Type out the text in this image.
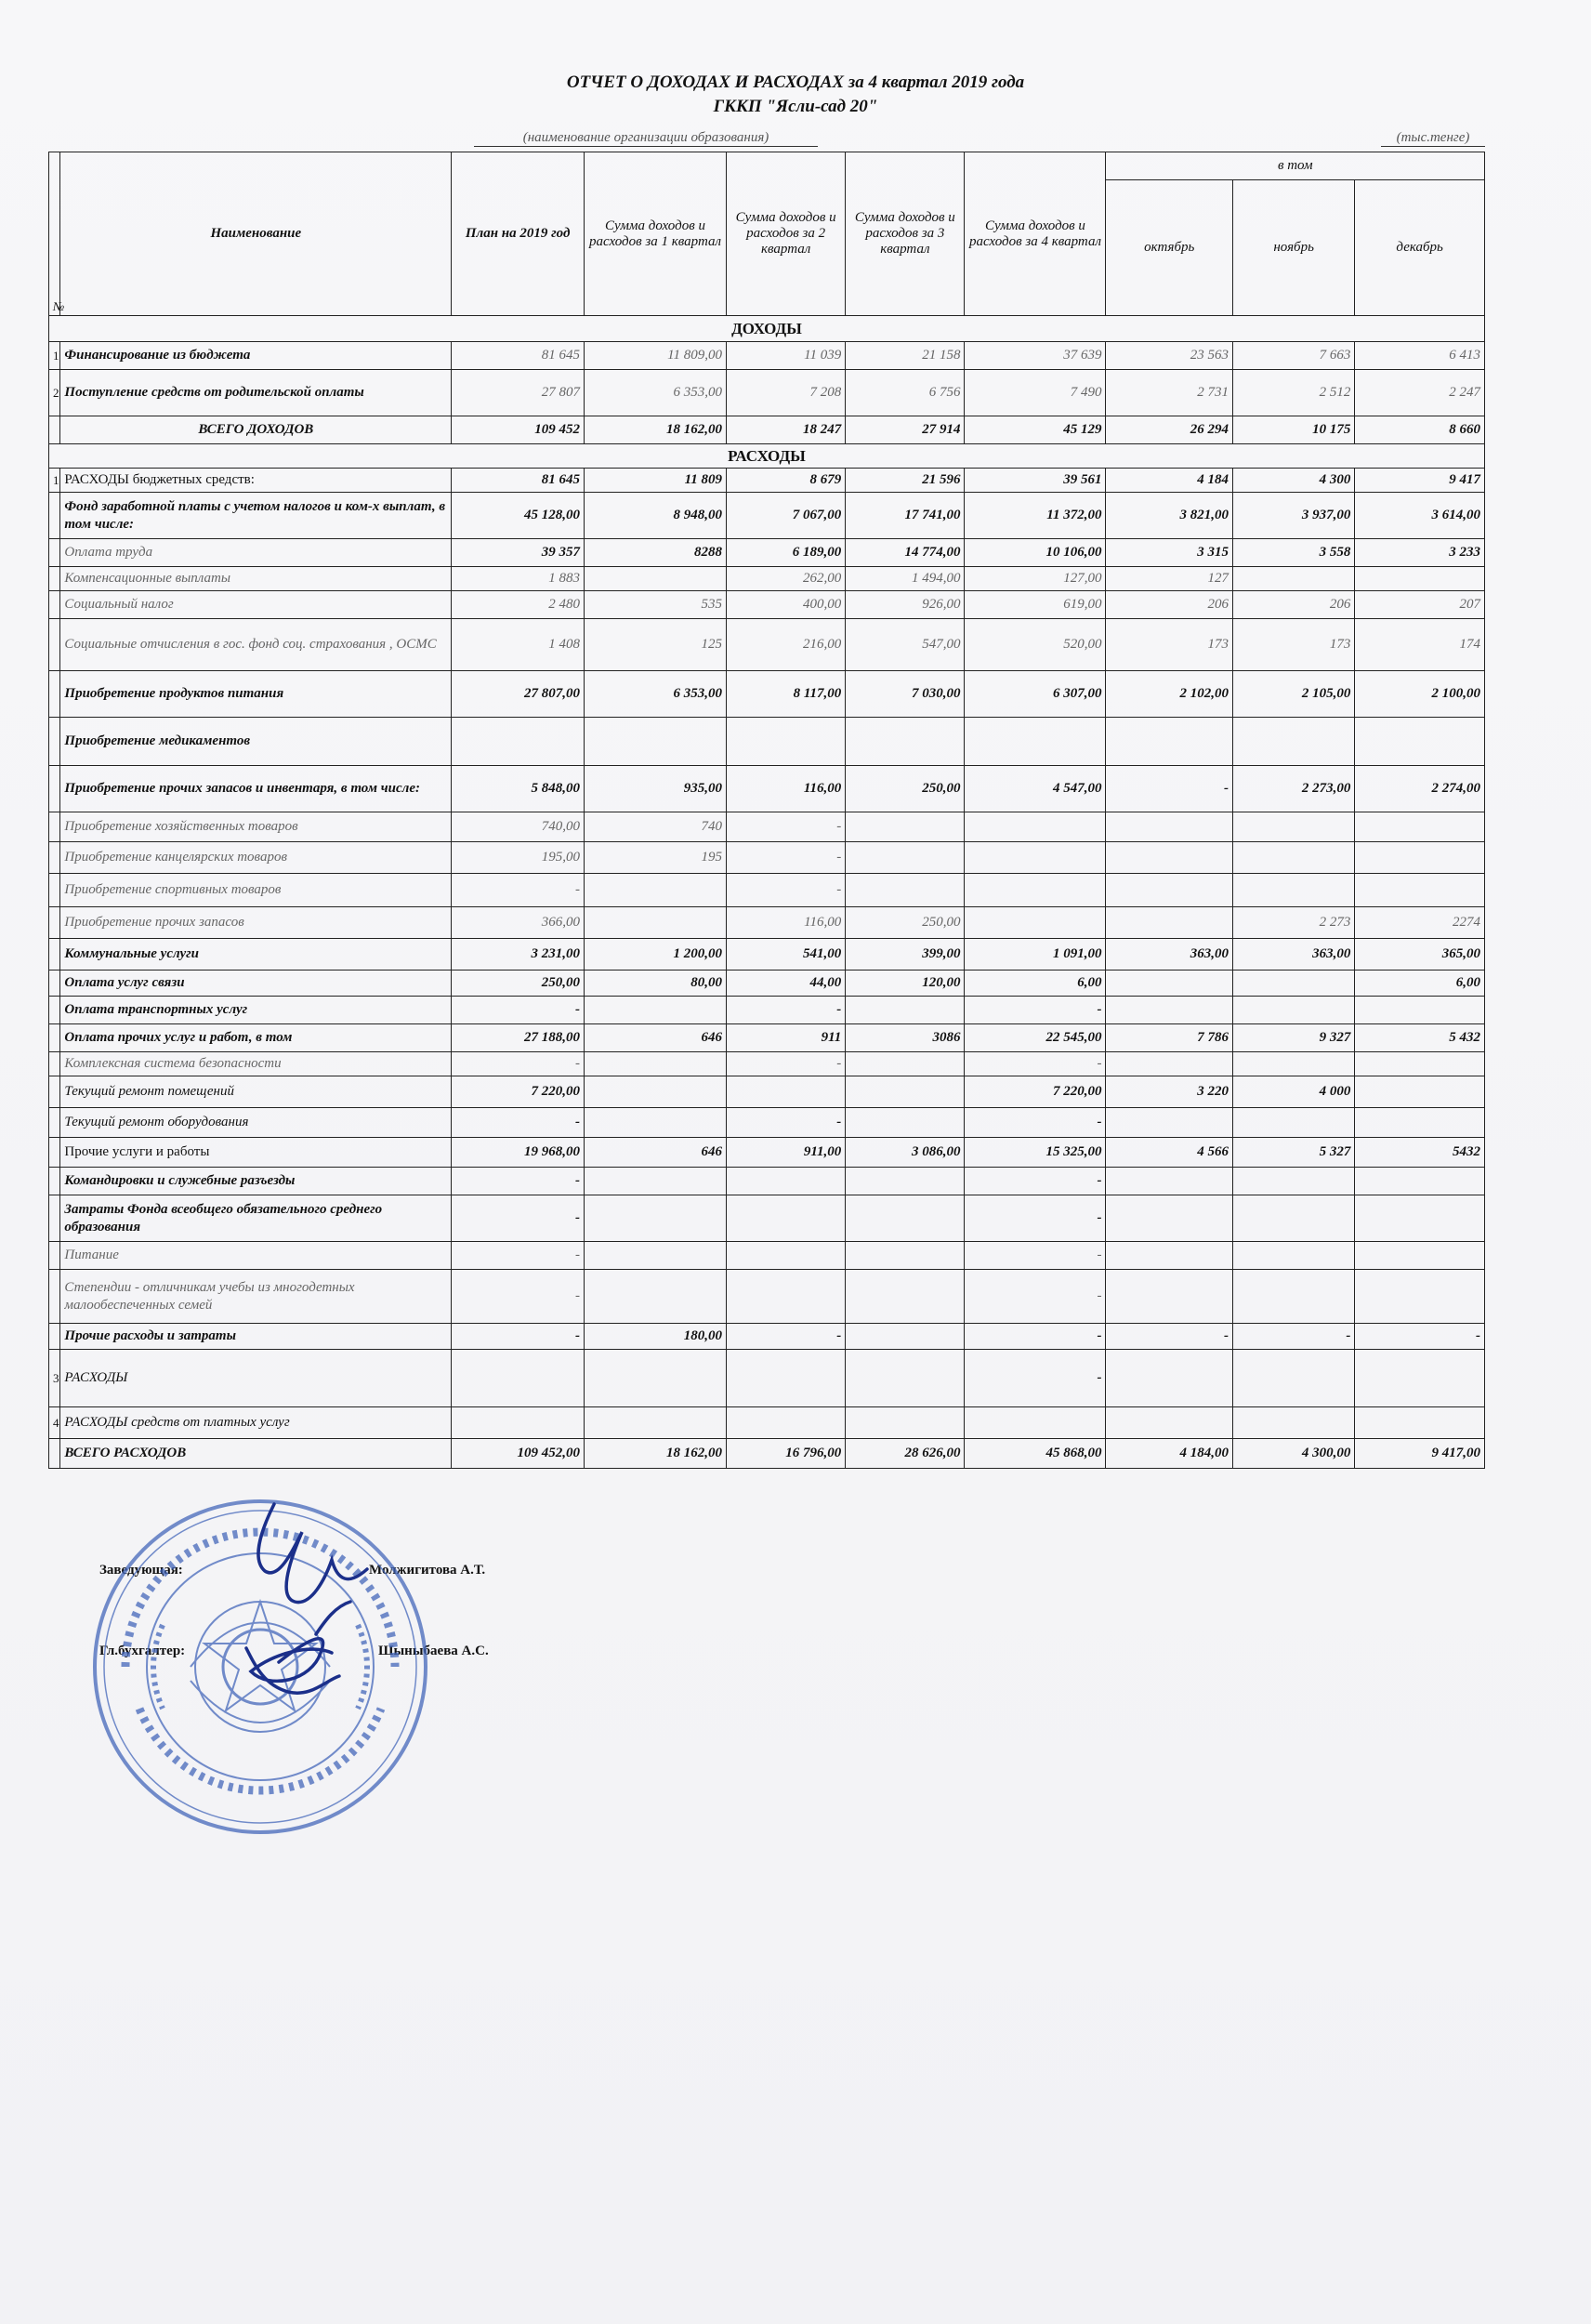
ОТЧЕТ О ДОХОДАХ И РАСХОДАХ за 4 квартал 2019 года
ГККП "Ясли-сад 20"
(наименование организации образования)	(тыс.тенге)
№	Наименование	План на 2019 год	Сумма доходов и расходов за 1 квартал	Сумма доходов и расходов за 2 квартал	Сумма доходов и расходов за 3 квартал	Сумма доходов и расходов за 4 квартал	в том		
							октябрь	ноябрь	декабрь
ДОХОДЫ									
1	Финансирование из бюджета	81 645	11 809,00	11 039	21 158	37 639	23 563	7 663	6 413
2	Поступление средств от родительской оплаты	27 807	6 353,00	7 208	6 756	7 490	2 731	2 512	2 247
	ВСЕГО ДОХОДОВ	109 452	18 162,00	18 247	27 914	45 129	26 294	10 175	8 660
РАСХОДЫ									
1	РАСХОДЫ бюджетных средств:	81 645	11 809	8 679	21 596	39 561	4 184	4 300	9 417
	Фонд заработной платы с учетом налогов и ком-х выплат, в том числе:	45 128,00	8 948,00	7 067,00	17 741,00	11 372,00	3 821,00	3 937,00	3 614,00
	Оплата труда	39 357	8288	6 189,00	14 774,00	10 106,00	3 315	3 558	3 233
	Компенсационные выплаты	1 883		262,00	1 494,00	127,00	127		
	Социальный налог	2 480	535	400,00	926,00	619,00	206	206	207
	Социальные отчисления в гос. фонд соц. страхования , ОСМС	1 408	125	216,00	547,00	520,00	173	173	174
	Приобретение продуктов питания	27 807,00	6 353,00	8 117,00	7 030,00	6 307,00	2 102,00	2 105,00	2 100,00
	Приобретение медикаментов								
	Приобретение прочих запасов и инвентаря, в том числе:	5 848,00	935,00	116,00	250,00	4 547,00	-	2 273,00	2 274,00
	Приобретение хозяйственных товаров	740,00	740	-					
	Приобретение канцелярских товаров	195,00	195	-					
	Приобретение спортивных товаров	-		-					
	Приобретение прочих запасов	366,00		116,00	250,00			2 273	2274
	Коммунальные услуги	3 231,00	1 200,00	541,00	399,00	1 091,00	363,00	363,00	365,00
	Оплата услуг связи	250,00	80,00	44,00	120,00	6,00			6,00
	Оплата транспортных услуг	-		-		-			
	Оплата прочих услуг и работ, в том	27 188,00	646	911	3086	22 545,00	7 786	9 327	5 432
	Комплексная система безопасности	-		-		-			
	Текущий ремонт помещений	7 220,00				7 220,00	3 220	4 000	
	Текущий ремонт оборудования	-		-		-			
	Прочие услуги и работы	19 968,00	646	911,00	3 086,00	15 325,00	4 566	5 327	5432
	Командировки и служебные разъезды	-				-			
	Затраты Фонда всеобщего обязательного среднего образования	-				-			
	Питание	-				-			
	Степендии - отличникам учебы из многодетных малообеспеченных семей	-				-			
	Прочие расходы и затраты	-	180,00	-		-	-	-	-
3	РАСХОДЫ					-			
4	РАСХОДЫ средств от платных услуг								
	ВСЕГО РАСХОДОВ	109 452,00	18 162,00	16 796,00	28 626,00	45 868,00	4 184,00	4 300,00	9 417,00
Заведующая:	Молжигитова А.Т.
Гл.бухгалтер:	Шыныбаева А.С.
